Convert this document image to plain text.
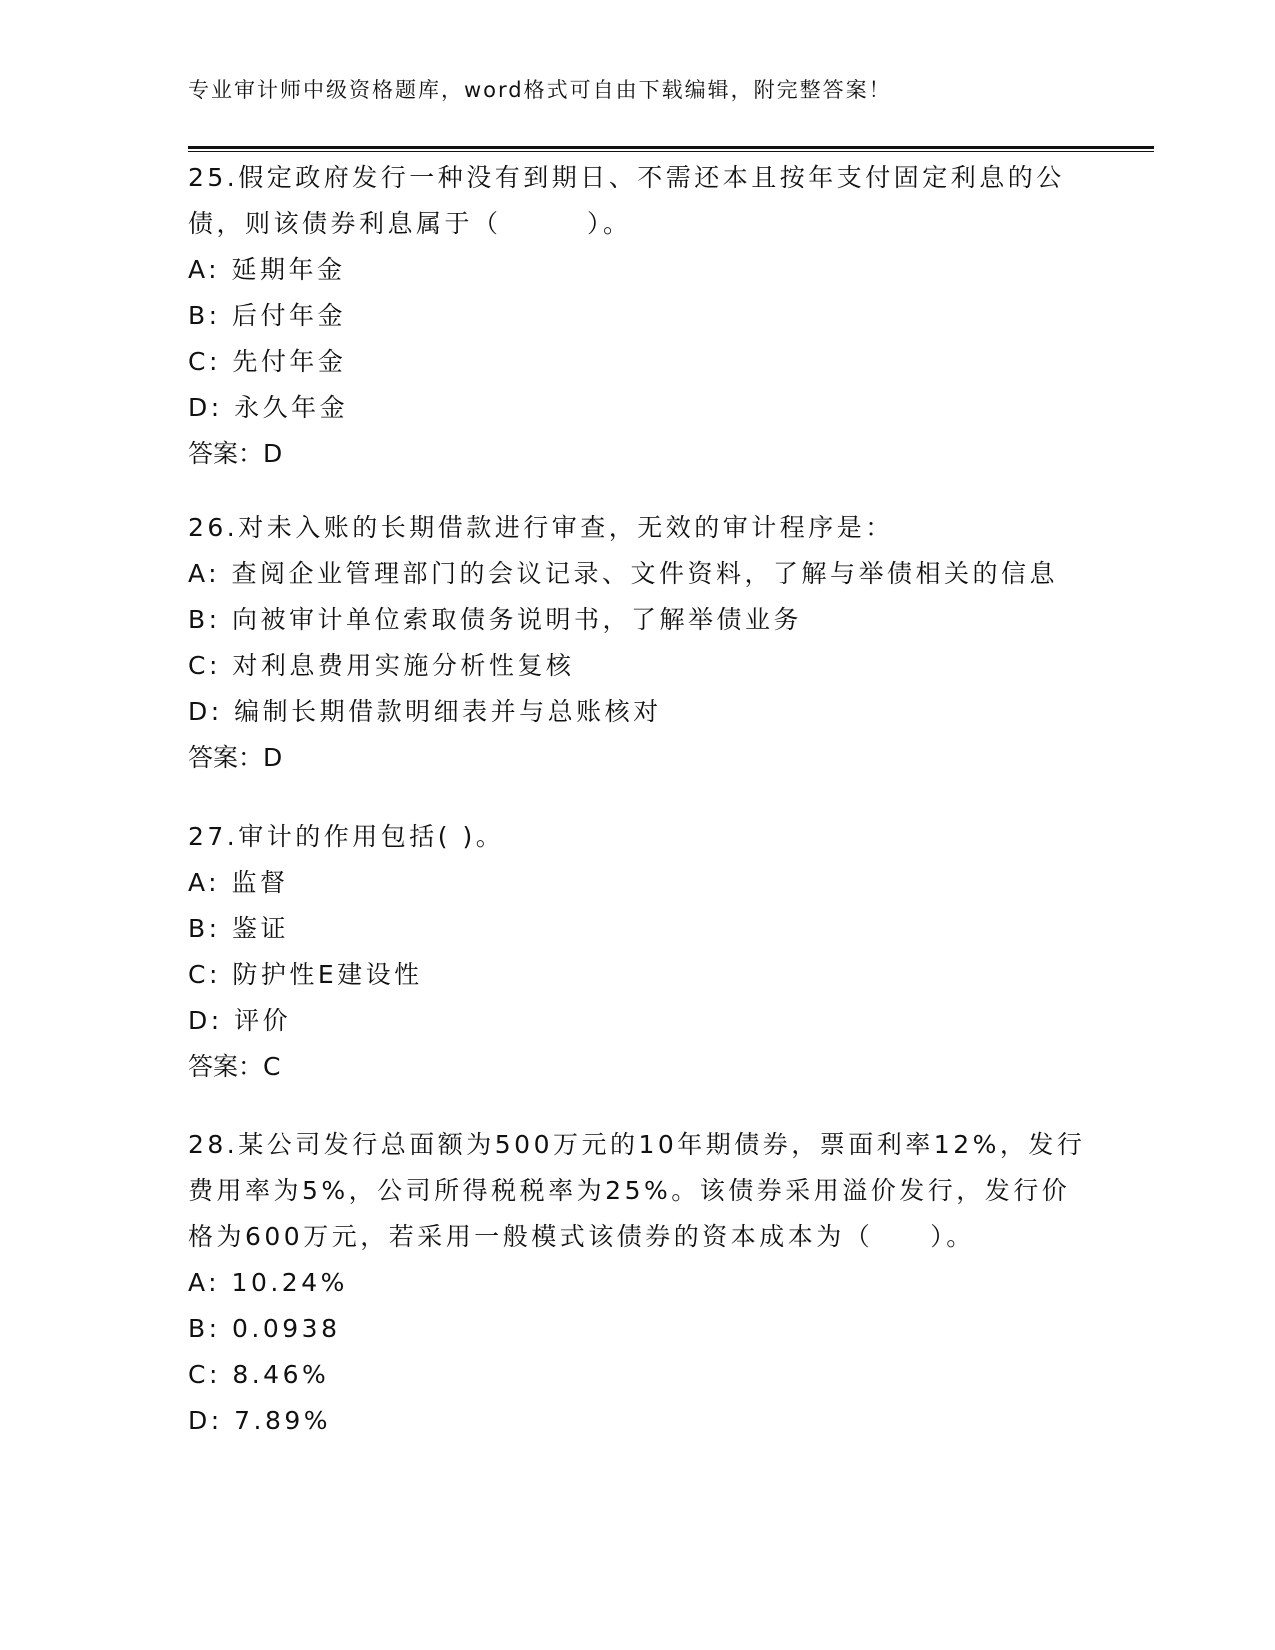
专业审计师中级资格题库，word格式可自由下载编辑，附完整答案！

25.假定政府发行一种没有到期日、不需还本且按年支付固定利息的公债，则该债券利息属于（　　　）。

A: 延期年金

B: 后付年金

C: 先付年金

D: 永久年金

答案：D

26.对未入账的长期借款进行审查，无效的审计程序是：

A: 查阅企业管理部门的会议记录、文件资料，了解与举债相关的信息

B: 向被审计单位索取债务说明书，了解举债业务

C: 对利息费用实施分析性复核

D: 编制长期借款明细表并与总账核对

答案：D

27.审计的作用包括( )。

A: 监督

B: 鉴证

C: 防护性E建设性

D: 评价

答案：C

28.某公司发行总面额为500万元的10年期债券，票面利率12%，发行费用率为5%，公司所得税税率为25%。该债券采用溢价发行，发行价格为600万元，若采用一般模式该债券的资本成本为（　　）。

A: 10.24%

B: 0.0938

C: 8.46%

D: 7.89%
